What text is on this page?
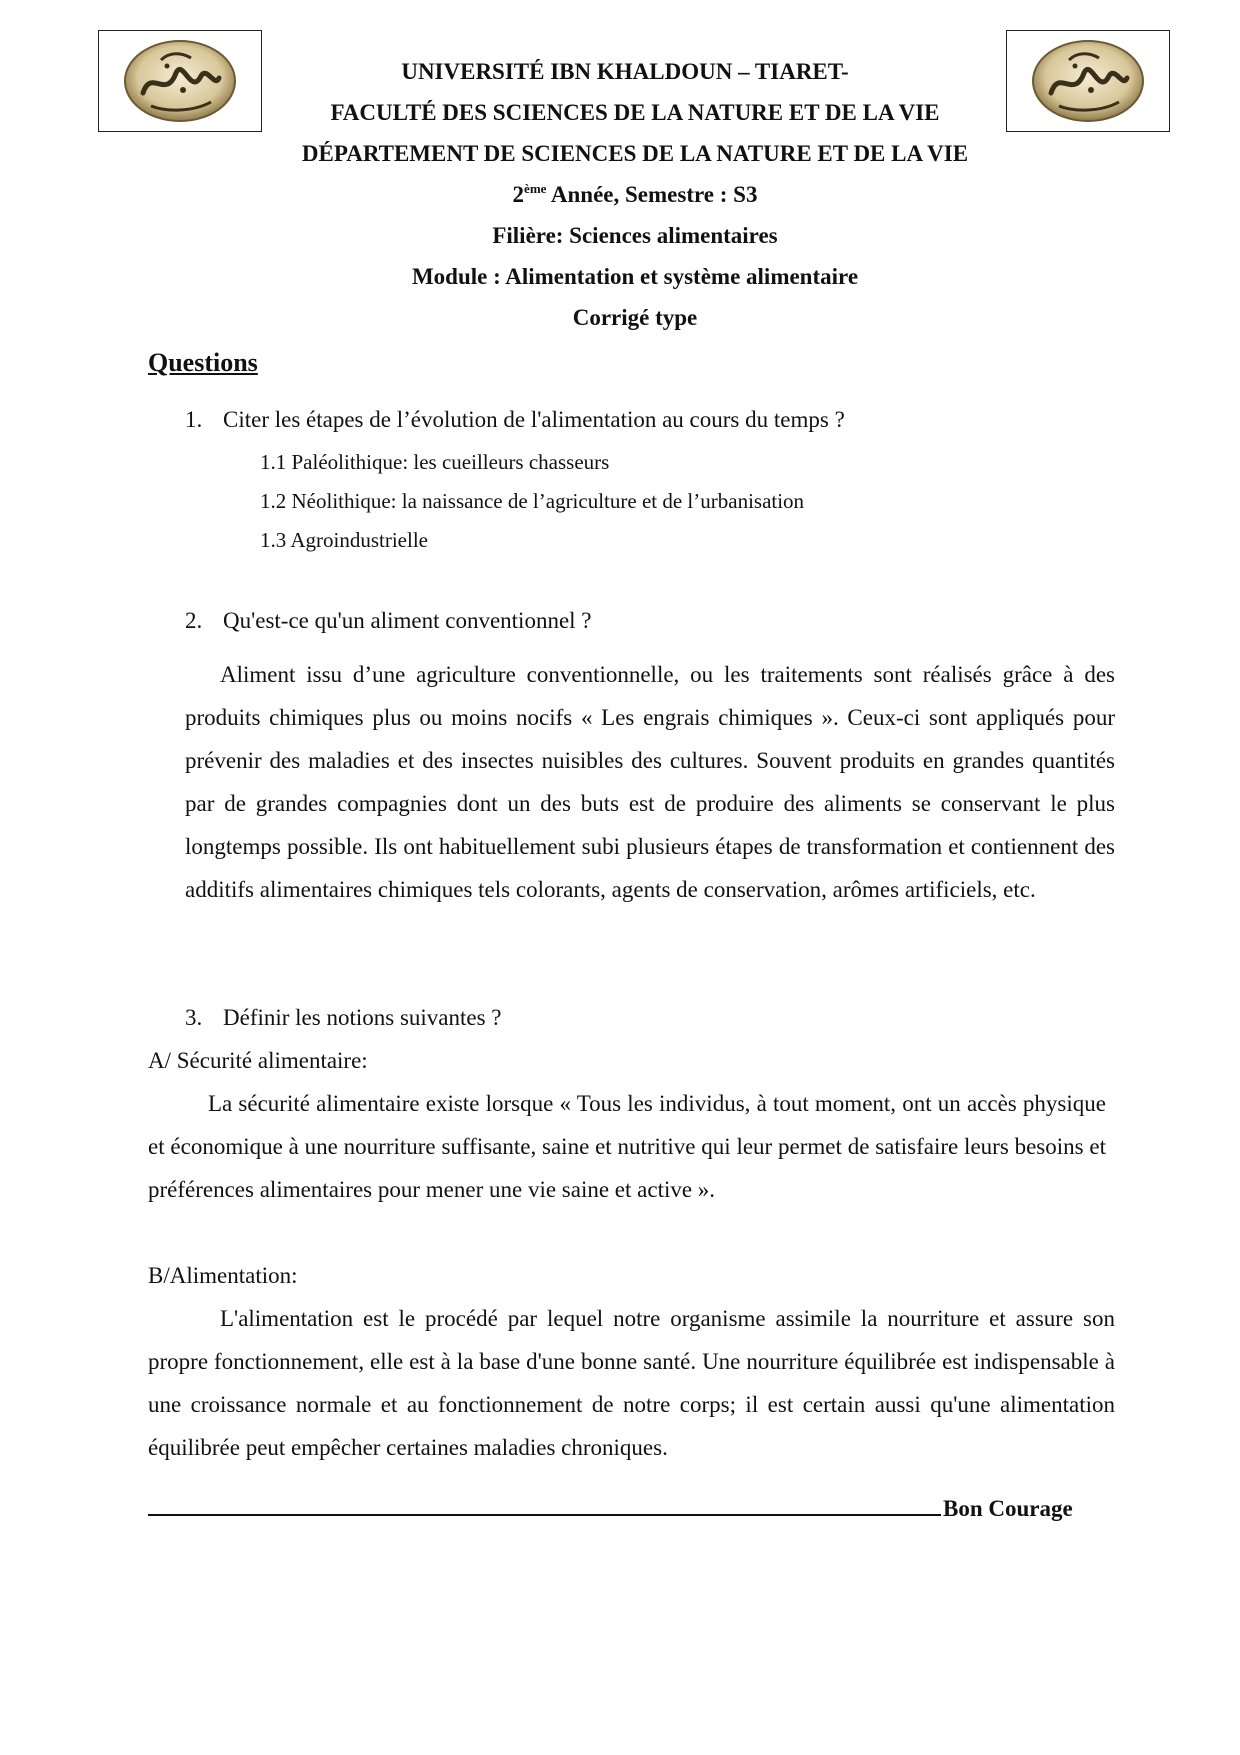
UNIVERSITÉ IBN KHALDOUN – TIARET-
FACULTÉ DES SCIENCES DE LA NATURE ET DE LA VIE
DÉPARTEMENT DE SCIENCES DE LA NATURE ET DE LA VIE
2ème Année, Semestre : S3
Filière: Sciences alimentaires
Module : Alimentation et système alimentaire
Corrigé type
Questions
1. Citer les étapes de l’évolution de l'alimentation au cours du temps ?
1.1 Paléolithique: les cueilleurs chasseurs
1.2 Néolithique: la naissance de l’agriculture et de l’urbanisation
1.3 Agroindustrielle
2. Qu'est-ce qu'un aliment conventionnel ?
Aliment issu d’une agriculture conventionnelle, ou les traitements sont réalisés grâce à des produits chimiques plus ou moins nocifs « Les engrais chimiques ». Ceux-ci sont appliqués pour prévenir des maladies et des insectes nuisibles des cultures. Souvent produits en grandes quantités par de grandes compagnies dont un des buts est de produire des aliments se conservant le plus longtemps possible. Ils ont habituellement subi plusieurs étapes de transformation et contiennent des additifs alimentaires chimiques tels colorants, agents de conservation, arômes artificiels, etc.
3. Définir les notions suivantes ?
A/ Sécurité alimentaire:
La sécurité alimentaire existe lorsque « Tous les individus, à tout moment, ont un accès physique et économique à une nourriture suffisante, saine et nutritive qui leur permet de satisfaire leurs besoins et préférences alimentaires pour mener une vie saine et active ».
B/Alimentation:
L'alimentation est le procédé par lequel notre organisme assimile la nourriture et assure son propre fonctionnement, elle est à la base d'une bonne santé. Une nourriture équilibrée est indispensable à une croissance normale et au fonctionnement de notre corps; il est certain aussi qu'une alimentation équilibrée peut empêcher certaines maladies chroniques.
Bon Courage
